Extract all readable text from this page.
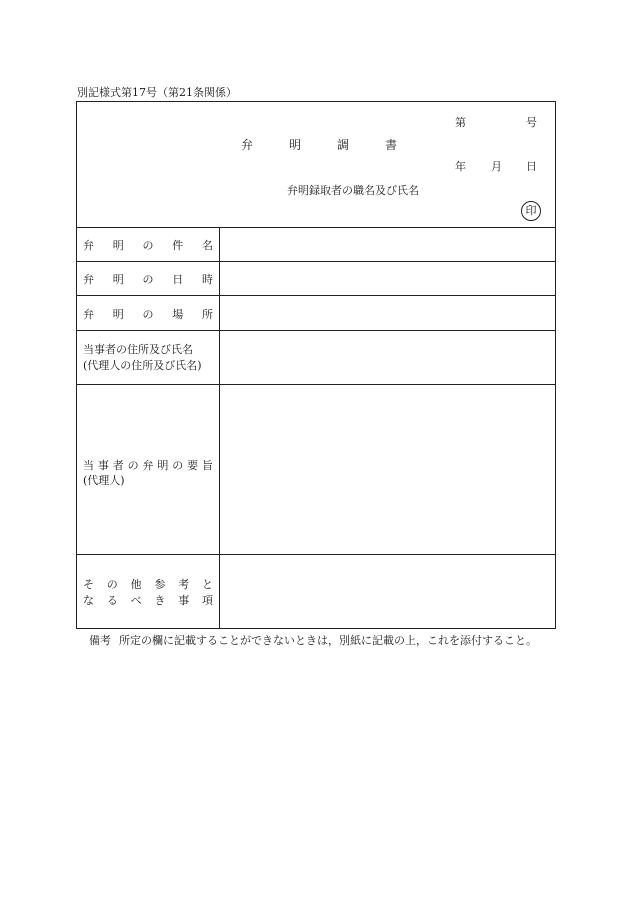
別記様式第17号（第21条関係）
弁	明	調	書
第	号
年 月 日
弁明録取者の職名及び氏名
印
弁 明 の 件 名
弁 明 の 日 時
弁 明 の 場 所
当事者の住所及び氏名
(代理人の住所及び氏名)
当 事 者 の 弁 明 の 要 旨
(代理人)
そ の 他 参 考 と
な る べ き 事 項
備考 所定の欄に記載することができないときは，別紙に記載の上，これを添付すること。
